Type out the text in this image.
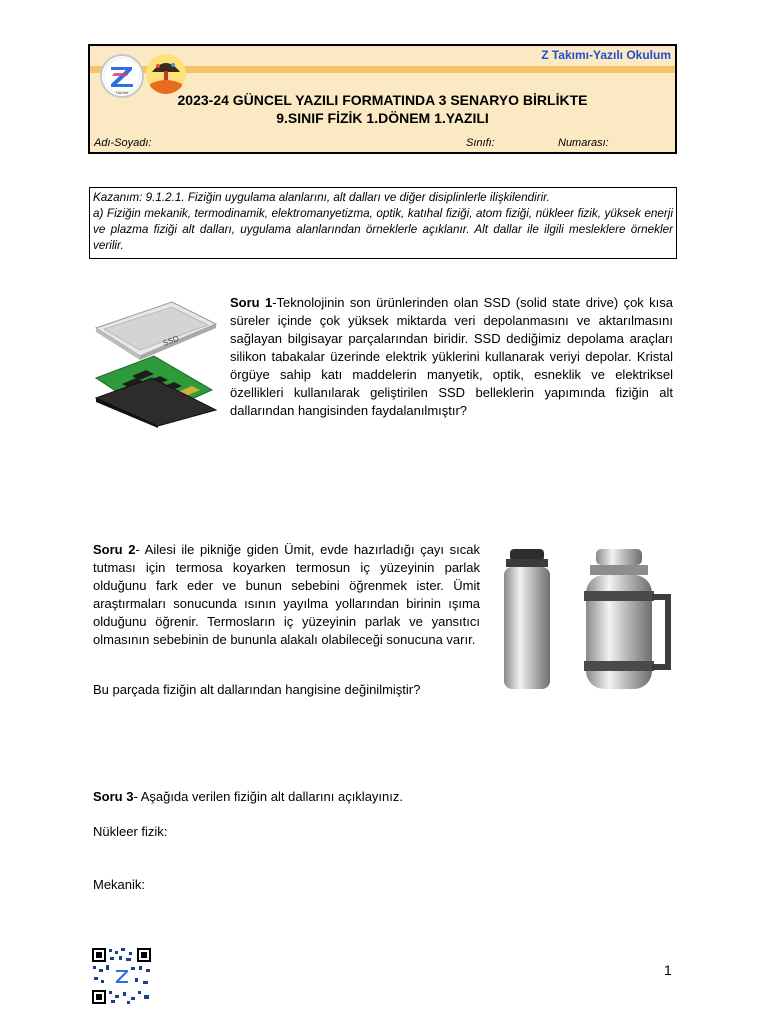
Z Takımı-Yazılı Okulum
TAKIMI	2023-24 GÜNCEL YAZILI FORMATINDA 3 SENARYO BİRLİKTE
9.SINIF FİZİK 1.DÖNEM 1.YAZILI
Adı-Soyadı:	Sınıfı:	Numarası:
Kazanım: 9.1.2.1. Fiziğin uygulama alanlarını, alt dalları ve diğer disiplinlerle ilişkilendirir.
a) Fiziğin mekanik, termodinamik, elektromanyetizma, optik, katıhal fiziği, atom fiziği, nükleer fizik, yüksek enerji ve plazma fiziği alt dalları, uygulama alanlarından örneklerle açıklanır. Alt dallar ile ilgili mesleklere örnekler verilir.
SSD
Soru 1-Teknolojinin son ürünlerinden olan SSD (solid state drive) çok kısa süreler içinde çok yüksek miktarda veri depolanmasını ve aktarılmasını sağlayan bilgisayar parçalarından biridir. SSD dediğimiz depolama araçları silikon tabakalar üzerinde elektrik yüklerini kullanarak veriyi depolar. Kristal örgüye sahip katı maddelerin manyetik, optik, esneklik ve elektriksel özellikleri kullanılarak geliştirilen SSD belleklerin yapımında fiziğin alt dallarından hangisinden faydalanılmıştır?
Soru 2- Ailesi ile pikniğe giden Ümit, evde hazırladığı çayı sıcak tutması için termosa koyarken termosun iç yüzeyinin parlak olduğunu fark eder ve bunun sebebini öğrenmek ister. Ümit araştırmaları sonucunda ısının yayılma yollarından birinin ışıma olduğunu öğrenir. Termosların iç yüzeyinin parlak ve yansıtıcı olmasının sebebinin de bununla alakalı olabileceği sonucuna varır.
Bu parçada fiziğin alt dallarından hangisine değinilmiştir?
Soru 3- Aşağıda verilen fiziğin alt dallarını açıklayınız.
Nükleer fizik:
Mekanik:
1
